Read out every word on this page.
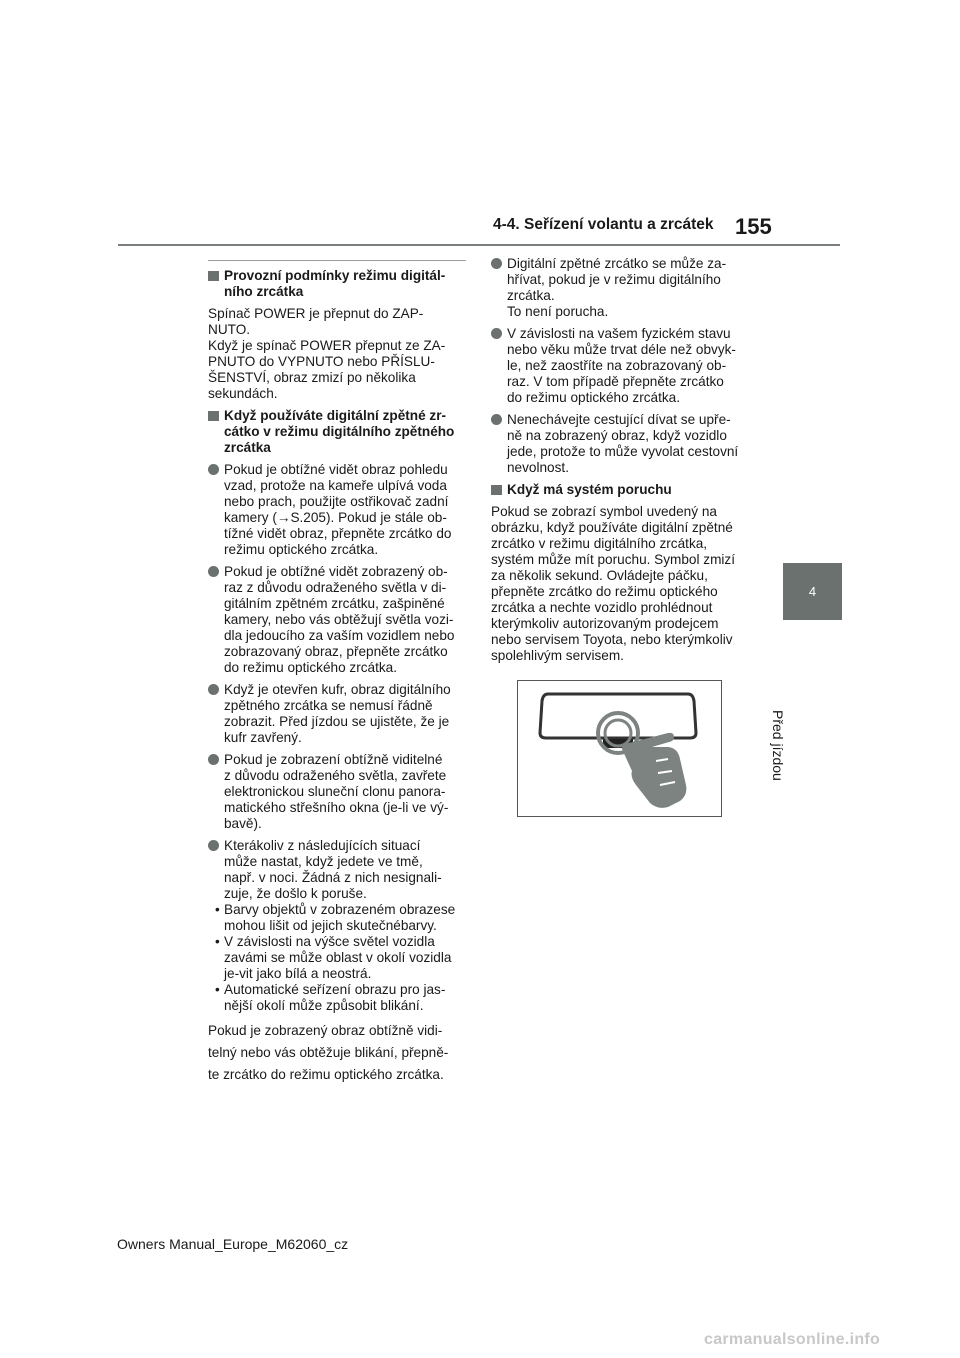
4-4. Seřízení volantu a zrcátek 155
4
Před jízdou
Provozní podmínky režimu digitál-
ního zrcátka
Spínač POWER je přepnut do ZAP-
NUTO.
Když je spínač POWER přepnut ze ZA-
PNUTO do VYPNUTO nebo PŘÍSLU-
ŠENSTVÍ, obraz zmizí po několika
sekundách.
Když používáte digitální zpětné zr-
cátko v režimu digitálního zpětného
zrcátka
Pokud je obtížné vidět obraz pohledu
vzad, protože na kameře ulpívá voda
nebo prach, použijte ostřikovač zadní
kamery (→S.205). Pokud je stále ob-
tížné vidět obraz, přepněte zrcátko do
režimu optického zrcátka.
Pokud je obtížné vidět zobrazený ob-
raz z důvodu odraženého světla v di-
gitálním zpětném zrcátku, zašpiněné
kamery, nebo vás obtěžují světla vozi-
dla jedoucího za vaším vozidlem nebo
zobrazovaný obraz, přepněte zrcátko
do režimu optického zrcátka.
Když je otevřen kufr, obraz digitálního
zpětného zrcátka se nemusí řádně
zobrazit. Před jízdou se ujistěte, že je
kufr zavřený.
Pokud je zobrazení obtížně viditelné
z důvodu odraženého světla, zavřete
elektronickou sluneční clonu panora-
matického střešního okna (je-li ve vý-
bavě).
Kterákoliv z následujících situací
může nastat, když jedete ve tmě,
např. v noci. Žádná z nich nesignali-
zuje, že došlo k poruše.
• Barvy objektů v zobrazeném obrazese mohou lišit od jejich skutečnébarvy.
• V závislosti na výšce světel vozidla zavámi se může oblast v okolí vozidla je-vit jako bílá a neostrá.
• Automatické seřízení obrazu pro jas-nější okolí může způsobit blikání.
Pokud je zobrazený obraz obtížně vidi-
telný nebo vás obtěžuje blikání, přepně-
te zrcátko do režimu optického zrcátka.
Digitální zpětné zrcátko se může za-
hřívat, pokud je v režimu digitálního
zrcátka.
To není porucha.
V závislosti na vašem fyzickém stavu
nebo věku může trvat déle než obvyk-
le, než zaostříte na zobrazovaný ob-
raz. V tom případě přepněte zrcátko
do režimu optického zrcátka.
Nenechávejte cestující dívat se upře-
ně na zobrazený obraz, když vozidlo
jede, protože to může vyvolat cestovní
nevolnost.
Když má systém poruchu
Pokud se zobrazí symbol uvedený na
obrázku, když používáte digitální zpětné
zrcátko v režimu digitálního zrcátka,
systém může mít poruchu. Symbol zmizí
za několik sekund. Ovládejte páčku,
přepněte zrcátko do režimu optického
zrcátka a nechte vozidlo prohlédnout
kterýmkoliv autorizovaným prodejcem
nebo servisem Toyota, nebo kterýmkoliv
spolehlivým servisem.
Owners Manual_Europe_M62060_cz
carmanualsonline.info
